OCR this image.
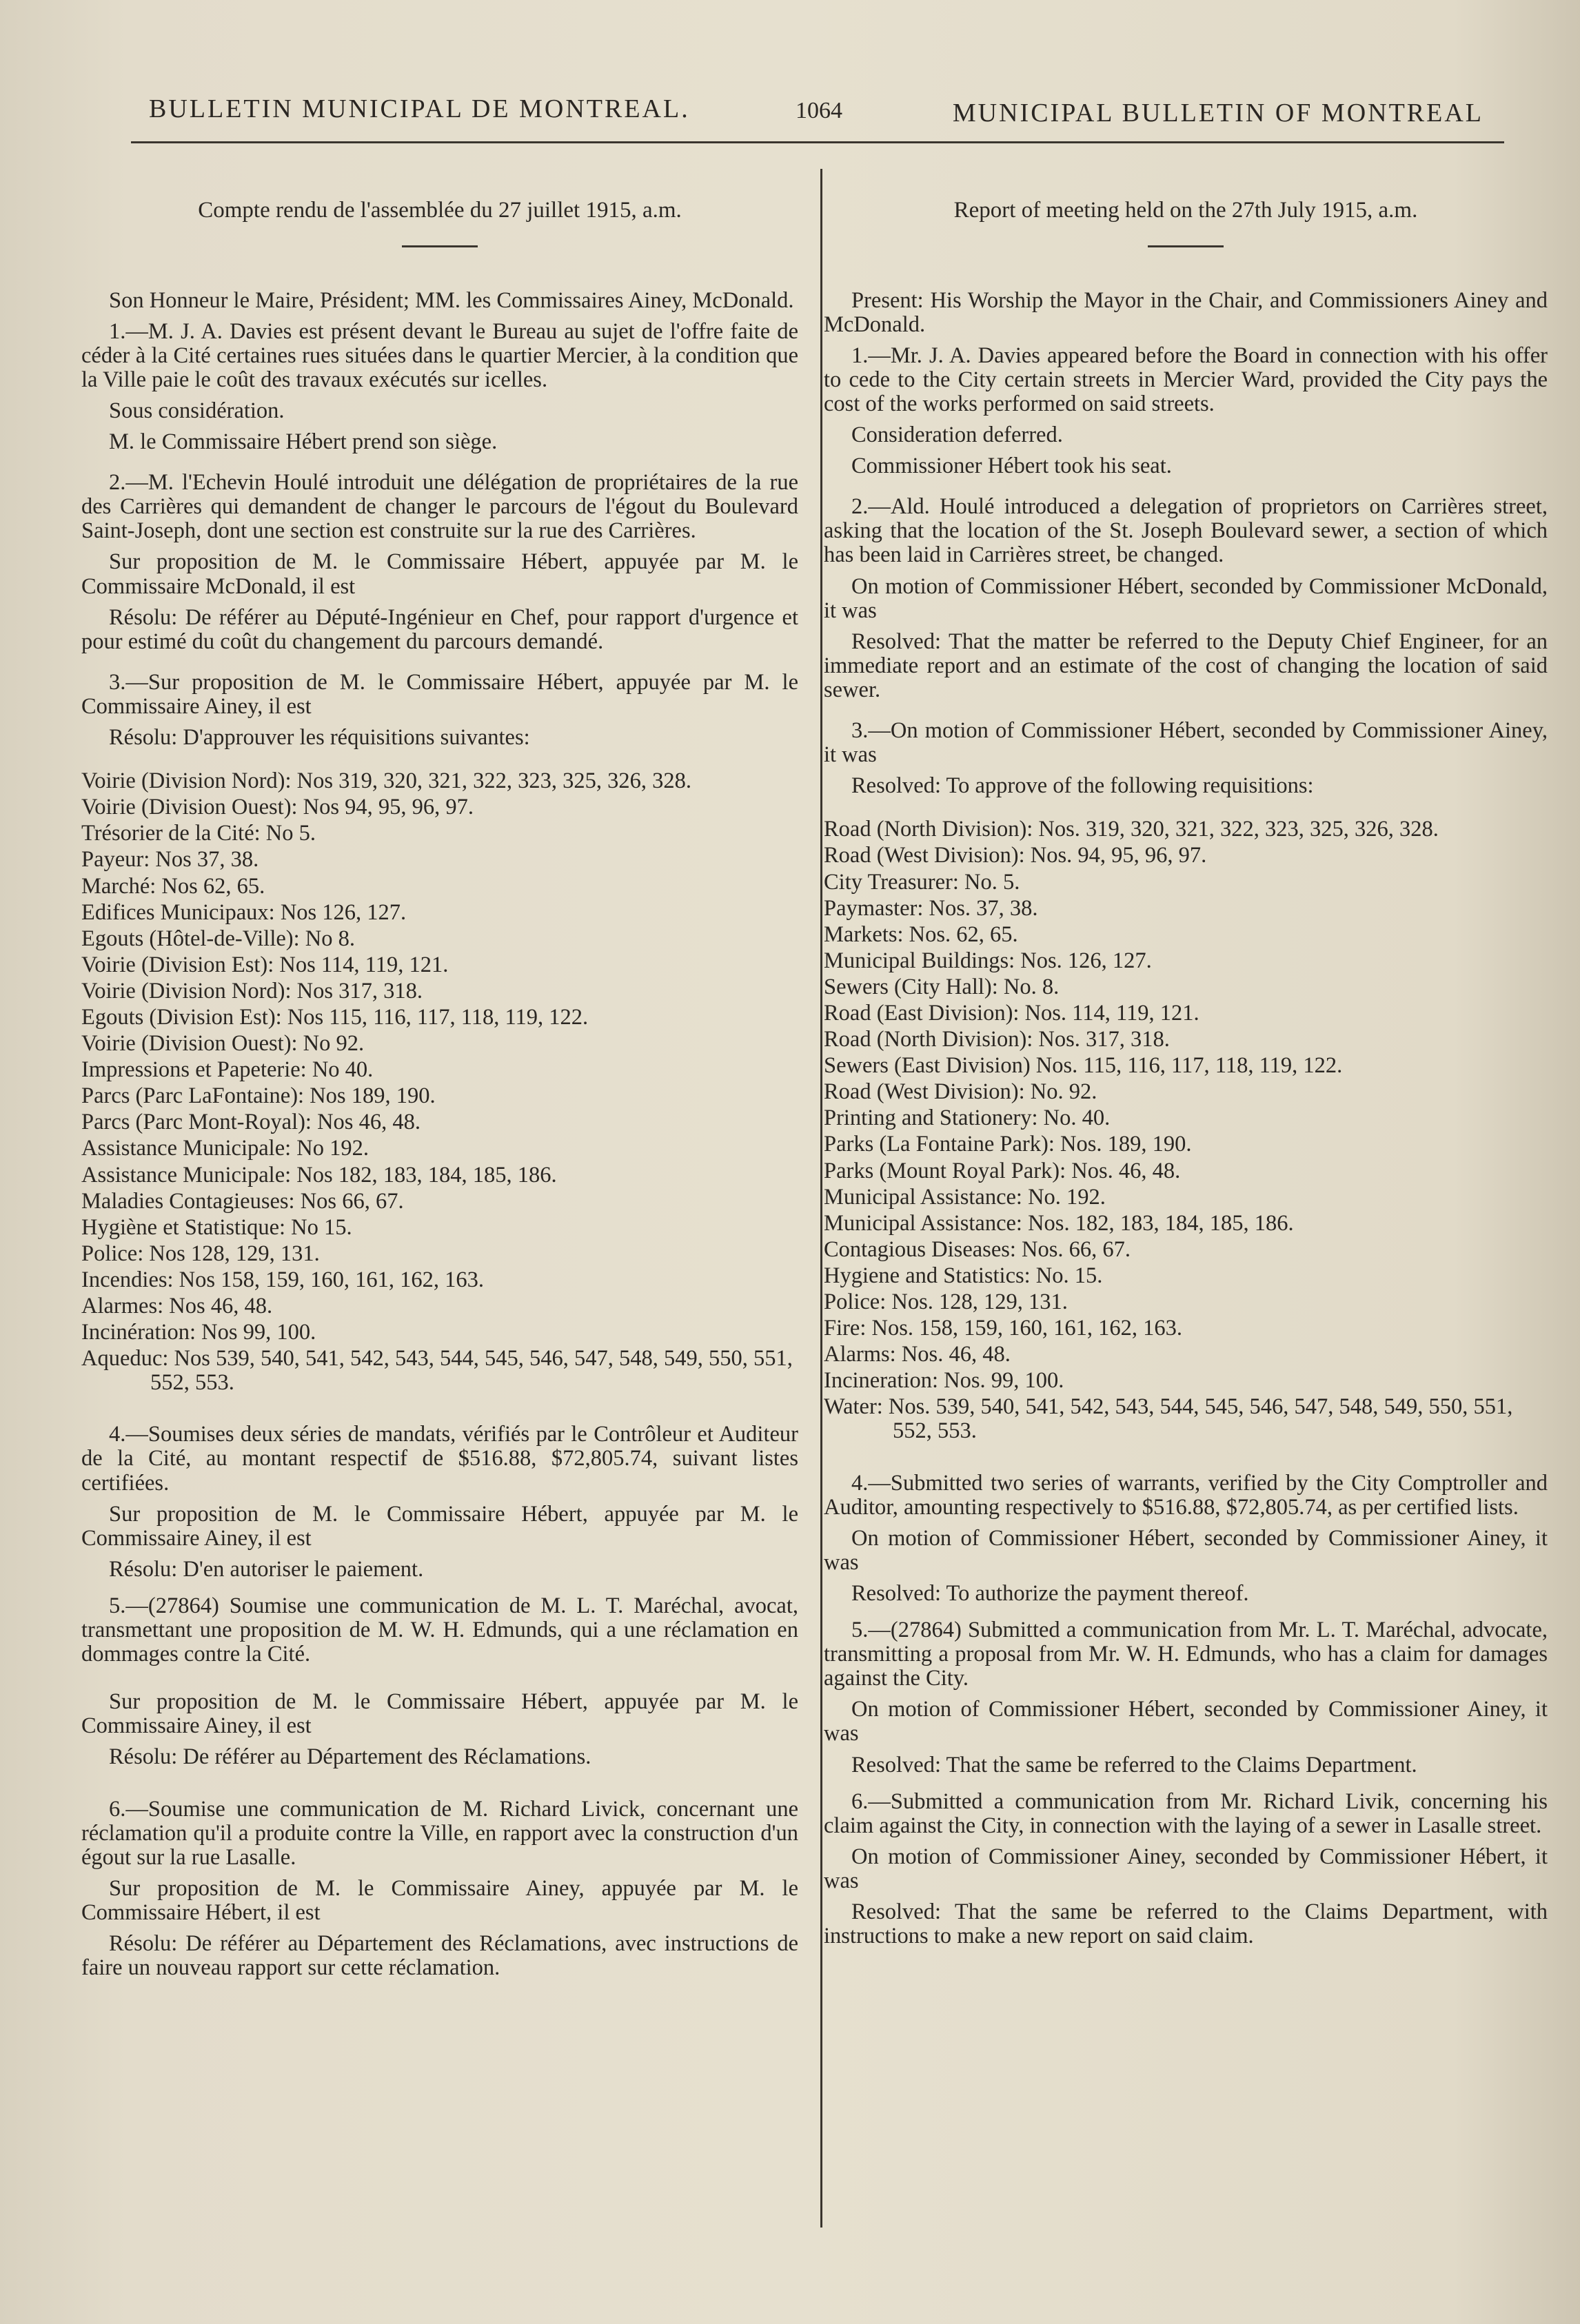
BULLETIN MUNICIPAL DE MONTREAL.	1064	MUNICIPAL BULLETIN OF MONTREAL
Compte rendu de l'assemblée du 27 juillet 1915, a.m.

Son Honneur le Maire, Président; MM. les Commissaires Ainey, McDonald.

1.—M. J. A. Davies est présent devant le Bureau au sujet de l'offre faite de céder à la Cité certaines rues situées dans le quartier Mercier, à la condition que la Ville paie le coût des travaux exécutés sur icelles.

Sous considération.

M. le Commissaire Hébert prend son siège.

2.—M. l'Echevin Houlé introduit une délégation de propriétaires de la rue des Carrières qui demandent de changer le parcours de l'égout du Boulevard Saint-Joseph, dont une section est construite sur la rue des Carrières.

Sur proposition de M. le Commissaire Hébert, appuyée par M. le Commissaire McDonald, il est

Résolu: De référer au Député-Ingénieur en Chef, pour rapport d'urgence et pour estimé du coût du changement du parcours demandé.

3.—Sur proposition de M. le Commissaire Hébert, appuyée par M. le Commissaire Ainey, il est

Résolu: D'approuver les réquisitions suivantes:

Voirie (Division Nord): Nos 319, 320, 321, 322, 323, 325, 326, 328.
Voirie (Division Ouest): Nos 94, 95, 96, 97.
Trésorier de la Cité: No 5.
Payeur: Nos 37, 38.
Marché: Nos 62, 65.
Edifices Municipaux: Nos 126, 127.
Egouts (Hôtel-de-Ville): No 8.
Voirie (Division Est): Nos 114, 119, 121.
Voirie (Division Nord): Nos 317, 318.
Egouts (Division Est): Nos 115, 116, 117, 118, 119, 122.
Voirie (Division Ouest): No 92.
Impressions et Papeterie: No 40.
Parcs (Parc LaFontaine): Nos 189, 190.
Parcs (Parc Mont-Royal): Nos 46, 48.
Assistance Municipale: No 192.
Assistance Municipale: Nos 182, 183, 184, 185, 186.
Maladies Contagieuses: Nos 66, 67.
Hygiène et Statistique: No 15.
Police: Nos 128, 129, 131.
Incendies: Nos 158, 159, 160, 161, 162, 163.
Alarmes: Nos 46, 48.
Incinération: Nos 99, 100.
Aqueduc: Nos 539, 540, 541, 542, 543, 544, 545, 546, 547, 548, 549, 550, 551, 552, 553.

4.—Soumises deux séries de mandats, vérifiés par le Contrôleur et Auditeur de la Cité, au montant respectif de $516.88, $72,805.74, suivant listes certifiées.

Sur proposition de M. le Commissaire Hébert, appuyée par M. le Commissaire Ainey, il est

Résolu: D'en autoriser le paiement.

5.—(27864) Soumise une communication de M. L. T. Maréchal, avocat, transmettant une proposition de M. W. H. Edmunds, qui a une réclamation en dommages contre la Cité.

Sur proposition de M. le Commissaire Hébert, appuyée par M. le Commissaire Ainey, il est

Résolu: De référer au Département des Réclamations.

6.—Soumise une communication de M. Richard Livick, concernant une réclamation qu'il a produite contre la Ville, en rapport avec la construction d'un égout sur la rue Lasalle.

Sur proposition de M. le Commissaire Ainey, appuyée par M. le Commissaire Hébert, il est

Résolu: De référer au Département des Réclamations, avec instructions de faire un nouveau rapport sur cette réclamation.

Report of meeting held on the 27th July 1915, a.m.

Present: His Worship the Mayor in the Chair, and Commissioners Ainey and McDonald.

1.—Mr. J. A. Davies appeared before the Board in connection with his offer to cede to the City certain streets in Mercier Ward, provided the City pays the cost of the works performed on said streets.

Consideration deferred.

Commissioner Hébert took his seat.

2.—Ald. Houlé introduced a delegation of proprietors on Carrières street, asking that the location of the St. Joseph Boulevard sewer, a section of which has been laid in Carrières street, be changed.

On motion of Commissioner Hébert, seconded by Commissioner McDonald, it was

Resolved: That the matter be referred to the Deputy Chief Engineer, for an immediate report and an estimate of the cost of changing the location of said sewer.

3.—On motion of Commissioner Hébert, seconded by Commissioner Ainey, it was

Resolved: To approve of the following requisitions:

Road (North Division): Nos. 319, 320, 321, 322, 323, 325, 326, 328.
Road (West Division): Nos. 94, 95, 96, 97.
City Treasurer: No. 5.
Paymaster: Nos. 37, 38.
Markets: Nos. 62, 65.
Municipal Buildings: Nos. 126, 127.
Sewers (City Hall): No. 8.
Road (East Division): Nos. 114, 119, 121.
Road (North Division): Nos. 317, 318.
Sewers (East Division) Nos. 115, 116, 117, 118, 119, 122.
Road (West Division): No. 92.
Printing and Stationery: No. 40.
Parks (La Fontaine Park): Nos. 189, 190.
Parks (Mount Royal Park): Nos. 46, 48.
Municipal Assistance: No. 192.
Municipal Assistance: Nos. 182, 183, 184, 185, 186.
Contagious Diseases: Nos. 66, 67.
Hygiene and Statistics: No. 15.
Police: Nos. 128, 129, 131.
Fire: Nos. 158, 159, 160, 161, 162, 163.
Alarms: Nos. 46, 48.
Incineration: Nos. 99, 100.
Water: Nos. 539, 540, 541, 542, 543, 544, 545, 546, 547, 548, 549, 550, 551, 552, 553.

4.—Submitted two series of warrants, verified by the City Comptroller and Auditor, amounting respectively to $516.88, $72,805.74, as per certified lists.

On motion of Commissioner Hébert, seconded by Commissioner Ainey, it was

Resolved: To authorize the payment thereof.

5.—(27864) Submitted a communication from Mr. L. T. Maréchal, advocate, transmitting a proposal from Mr. W. H. Edmunds, who has a claim for damages against the City.

On motion of Commissioner Hébert, seconded by Commissioner Ainey, it was

Resolved: That the same be referred to the Claims Department.

6.—Submitted a communication from Mr. Richard Livik, concerning his claim against the City, in connection with the laying of a sewer in Lasalle street.

On motion of Commissioner Ainey, seconded by Commissioner Hébert, it was

Resolved: That the same be referred to the Claims Department, with instructions to make a new report on said claim.
